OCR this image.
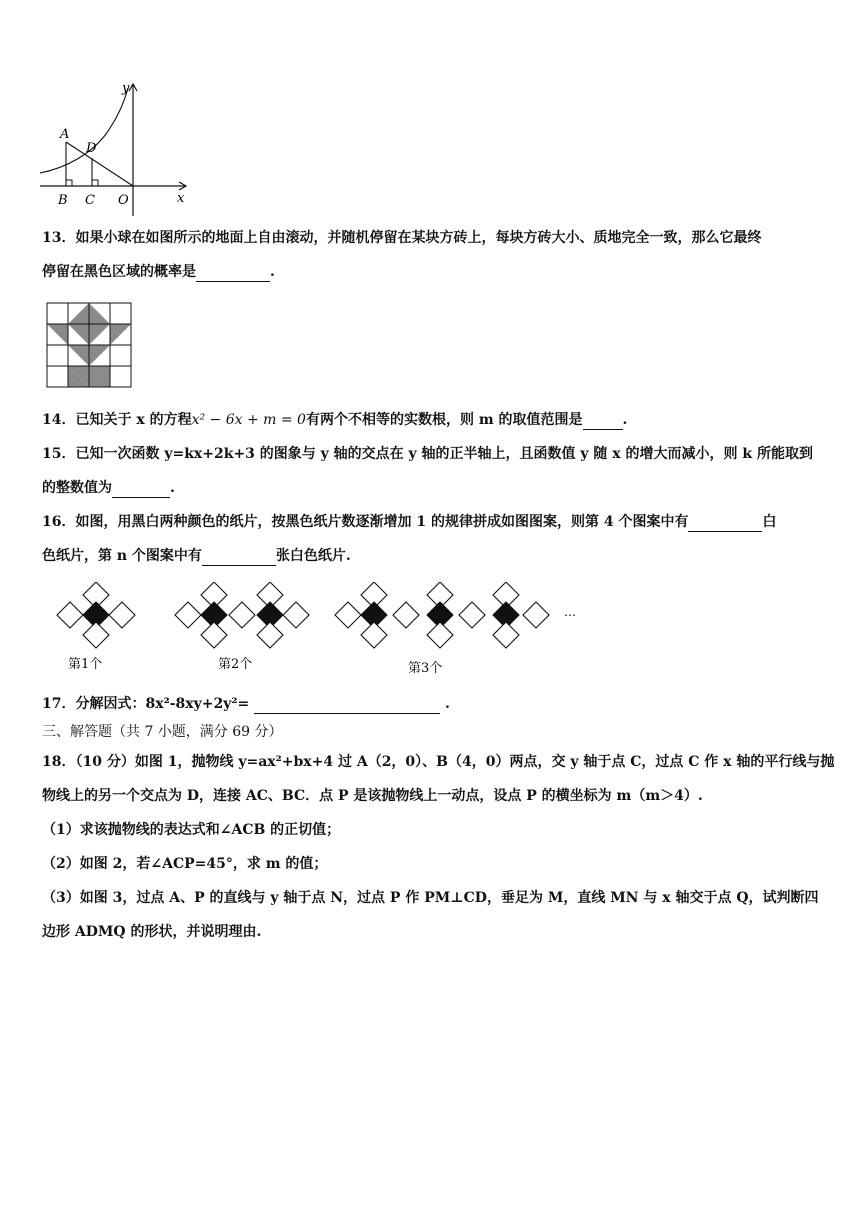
y
x
A
D
B C O
13．如果小球在如图所示的地面上自由滚动，并随机停留在某块方砖上，每块方砖大小、质地完全一致，那么它最终
停留在黑色区域的概率是	.
14．已知关于 x 的方程x² − 6x + m = 0有两个不相等的实数根，则 m 的取值范围是	.
15．已知一次函数 y=kx+2k+3 的图象与 y 轴的交点在 y 轴的正半轴上，且函数值 y 随 x 的增大而减小，则 k 所能取到
的整数值为	.
16．如图，用黑白两种颜色的纸片，按黑色纸片数逐渐增加 1 的规律拼成如图图案，则第 4 个图案中有	白
色纸片，第 n 个图案中有	张白色纸片.
…
第1个	第2个	第3个
17．分解因式：8x²-8xy+2y²=	.
三、解答题（共 7 小题，满分 69 分）
18．（10 分）如图 1，抛物线 y=ax²+bx+4 过 A（2，0）、B（4，0）两点，交 y 轴于点 C，过点 C 作 x 轴的平行线与抛
物线上的另一个交点为 D，连接 AC、BC．点 P 是该抛物线上一动点，设点 P 的横坐标为 m（m＞4）.
（1）求该抛物线的表达式和∠ACB 的正切值；
（2）如图 2，若∠ACP=45°，求 m 的值；
（3）如图 3，过点 A、P 的直线与 y 轴于点 N，过点 P 作 PM⊥CD，垂足为 M，直线 MN 与 x 轴交于点 Q，试判断四
边形 ADMQ 的形状，并说明理由.
